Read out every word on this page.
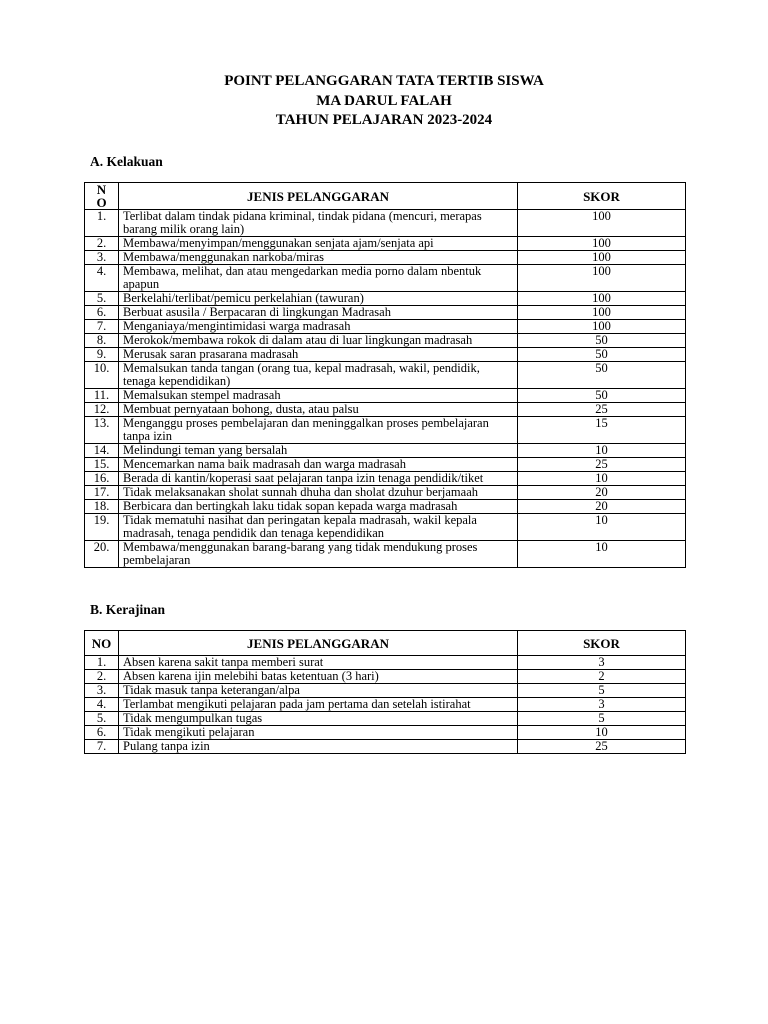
POINT PELANGGARAN TATA TERTIB SISWA
MA DARUL FALAH
TAHUN PELAJARAN 2023-2024
A. Kelakuan
N O	JENIS PELANGGARAN	SKOR
1.	Terlibat dalam tindak pidana kriminal, tindak pidana (mencuri, merapas barang milik orang lain)	100
2.	Membawa/menyimpan/menggunakan senjata ajam/senjata api	100
3.	Membawa/menggunakan narkoba/miras	100
4.	Membawa, melihat, dan atau mengedarkan media porno dalam nbentuk apapun	100
5.	Berkelahi/terlibat/pemicu perkelahian (tawuran)	100
6.	Berbuat asusila / Berpacaran di lingkungan Madrasah	100
7.	Menganiaya/mengintimidasi warga madrasah	100
8.	Merokok/membawa rokok di dalam atau di luar lingkungan madrasah	50
9.	Merusak saran prasarana madrasah	50
10.	Memalsukan tanda tangan (orang tua, kepal madrasah, wakil, pendidik, tenaga kependidikan)	50
11.	Memalsukan stempel madrasah	50
12.	Membuat pernyataan bohong, dusta, atau palsu	25
13.	Menganggu proses pembelajaran dan meninggalkan proses pembelajaran tanpa izin	15
14.	Melindungi teman yang bersalah	10
15.	Mencemarkan nama baik madrasah dan warga madrasah	25
16.	Berada di kantin/koperasi saat pelajaran tanpa izin tenaga pendidik/tiket	10
17.	Tidak melaksanakan sholat sunnah dhuha dan sholat dzuhur berjamaah	20
18.	Berbicara dan bertingkah laku tidak sopan kepada warga madrasah	20
19.	Tidak mematuhi nasihat dan peringatan kepala madrasah, wakil kepala madrasah, tenaga pendidik dan tenaga kependidikan	10
20.	Membawa/menggunakan barang-barang yang tidak mendukung proses pembelajaran	10
B. Kerajinan
NO	JENIS PELANGGARAN	SKOR
1.	Absen karena sakit tanpa memberi surat	3
2.	Absen karena ijin melebihi batas ketentuan (3 hari)	2
3.	Tidak masuk tanpa keterangan/alpa	5
4.	Terlambat mengikuti pelajaran pada jam pertama dan setelah istirahat	3
5.	Tidak mengumpulkan tugas	5
6.	Tidak mengikuti pelajaran	10
7.	Pulang tanpa izin	25
